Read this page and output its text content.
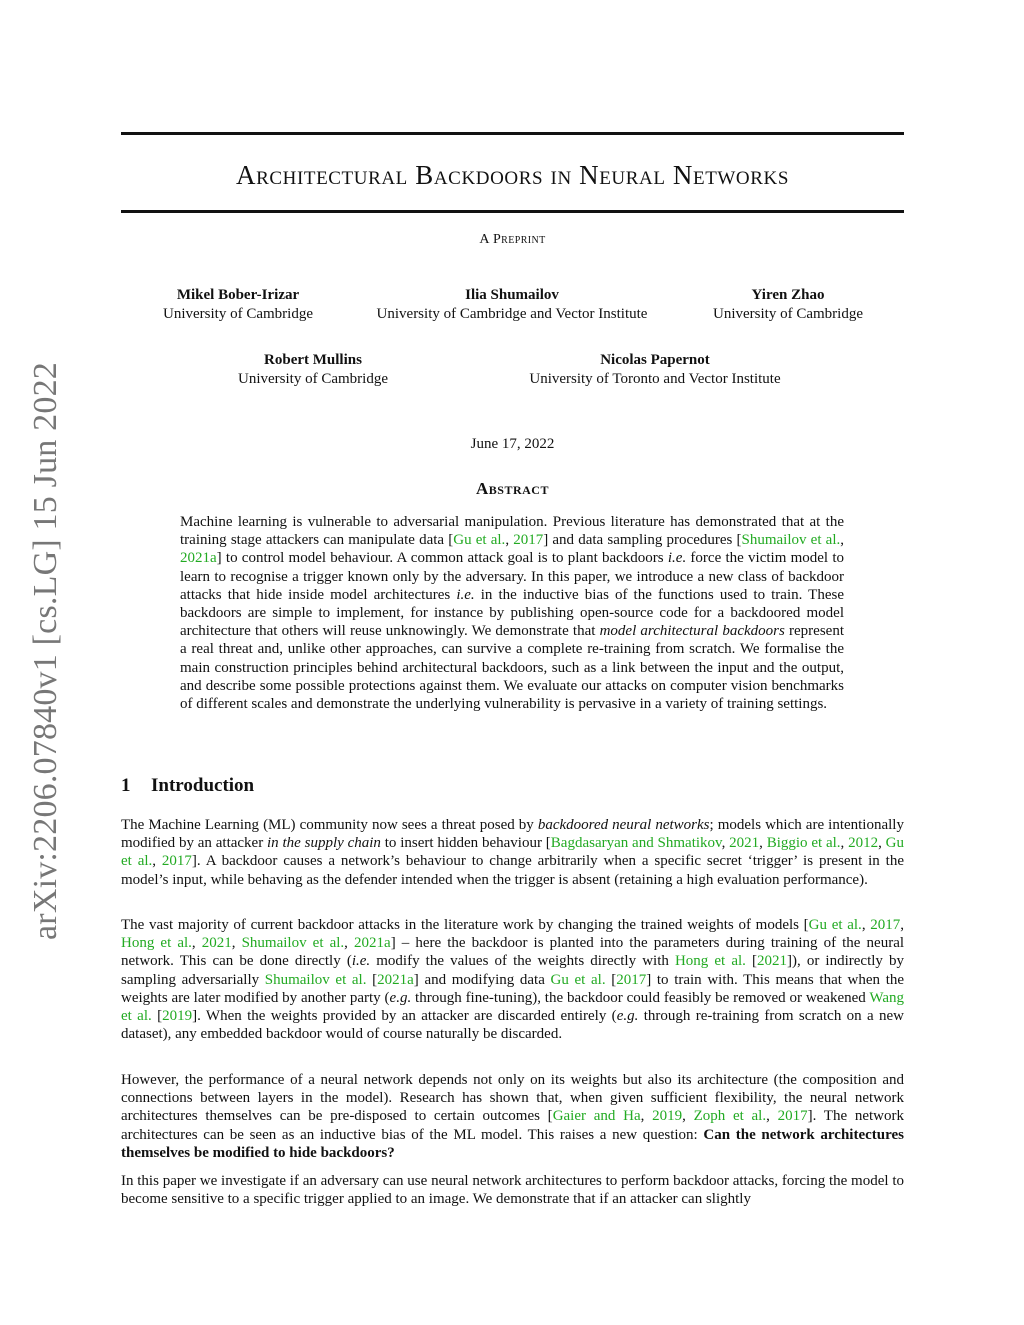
arXiv:2206.07840v1 [cs.LG] 15 Jun 2022
Architectural Backdoors in Neural Networks
A Preprint
Mikel Bober-Irizar
University of Cambridge
Ilia Shumailov
University of Cambridge and Vector Institute
Yiren Zhao
University of Cambridge
Robert Mullins
University of Cambridge
Nicolas Papernot
University of Toronto and Vector Institute
June 17, 2022
Abstract
Machine learning is vulnerable to adversarial manipulation. Previous literature has demonstrated that at the training stage attackers can manipulate data [Gu et al., 2017] and data sampling procedures [Shumailov et al., 2021a] to control model behaviour. A common attack goal is to plant backdoors i.e. force the victim model to learn to recognise a trigger known only by the adversary. In this paper, we introduce a new class of backdoor attacks that hide inside model architectures i.e. in the inductive bias of the functions used to train. These backdoors are simple to implement, for instance by publishing open-source code for a backdoored model architecture that others will reuse unknowingly. We demonstrate that model architectural backdoors represent a real threat and, unlike other approaches, can survive a complete re-training from scratch. We formalise the main construction principles behind architectural backdoors, such as a link between the input and the output, and describe some possible protections against them. We evaluate our attacks on computer vision benchmarks of different scales and demonstrate the underlying vulnerability is pervasive in a variety of training settings.
1 Introduction
The Machine Learning (ML) community now sees a threat posed by backdoored neural networks; models which are intentionally modified by an attacker in the supply chain to insert hidden behaviour [Bagdasaryan and Shmatikov, 2021, Biggio et al., 2012, Gu et al., 2017]. A backdoor causes a network’s behaviour to change arbitrarily when a specific secret ‘trigger’ is present in the model’s input, while behaving as the defender intended when the trigger is absent (retaining a high evaluation performance).
The vast majority of current backdoor attacks in the literature work by changing the trained weights of models [Gu et al., 2017, Hong et al., 2021, Shumailov et al., 2021a] – here the backdoor is planted into the parameters during training of the neural network. This can be done directly (i.e. modify the values of the weights directly with Hong et al. [2021]), or indirectly by sampling adversarially Shumailov et al. [2021a] and modifying data Gu et al. [2017] to train with. This means that when the weights are later modified by another party (e.g. through fine-tuning), the backdoor could feasibly be removed or weakened Wang et al. [2019]. When the weights provided by an attacker are discarded entirely (e.g. through re-training from scratch on a new dataset), any embedded backdoor would of course naturally be discarded.
However, the performance of a neural network depends not only on its weights but also its architecture (the composition and connections between layers in the model). Research has shown that, when given sufficient flexibility, the neural network architectures themselves can be pre-disposed to certain outcomes [Gaier and Ha, 2019, Zoph et al., 2017]. The network architectures can be seen as an inductive bias of the ML model. This raises a new question: Can the network architectures themselves be modified to hide backdoors?
In this paper we investigate if an adversary can use neural network architectures to perform backdoor attacks, forcing the model to become sensitive to a specific trigger applied to an image. We demonstrate that if an attacker can slightly
